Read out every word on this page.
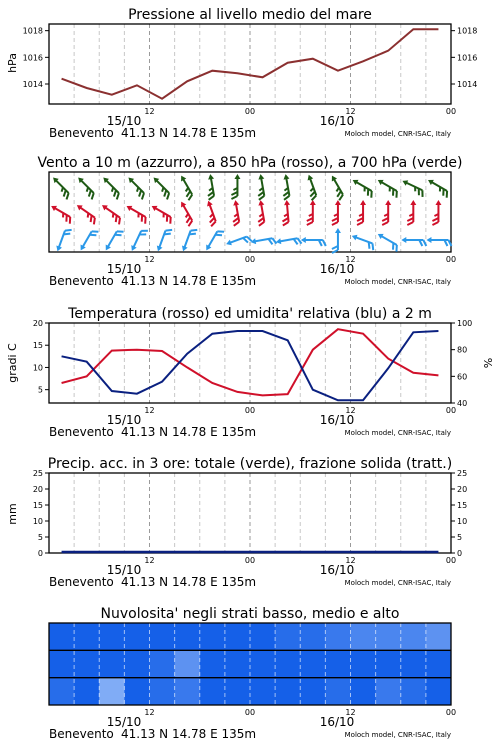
Pressione al livello medio del mare
hPa
1014	1014
1016	1016
1018	1018
Vento a 10 m (azzurro), a 850 hPa (rosso), a 700 hPa (verde)
Temperatura (rosso) ed umidita' relativa (blu) a 2 m
gradi C	%
5
10
15
20
40
60
80
100
Precip. acc. in 3 ore: totale (verde), frazione solida (tratt.)
mm
0	0
5	5
10	10
15	15
20	20
25	25
Nuvolosita' negli strati basso, medio e alto
12	00	12	00
15/10	16/10
12	00	12	00
15/10	16/10
12	00	12	00
15/10	16/10
12	00	12	00
15/10	16/10
12	00	12	00
15/10	16/10
Benevento 41.13 N 14.78 E 135m	Moloch model, CNR-ISAC, Italy
Benevento 41.13 N 14.78 E 135m	Moloch model, CNR-ISAC, Italy
Benevento 41.13 N 14.78 E 135m	Moloch model, CNR-ISAC, Italy
Benevento 41.13 N 14.78 E 135m	Moloch model, CNR-ISAC, Italy
Benevento 41.13 N 14.78 E 135m	Moloch model, CNR-ISAC, Italy
